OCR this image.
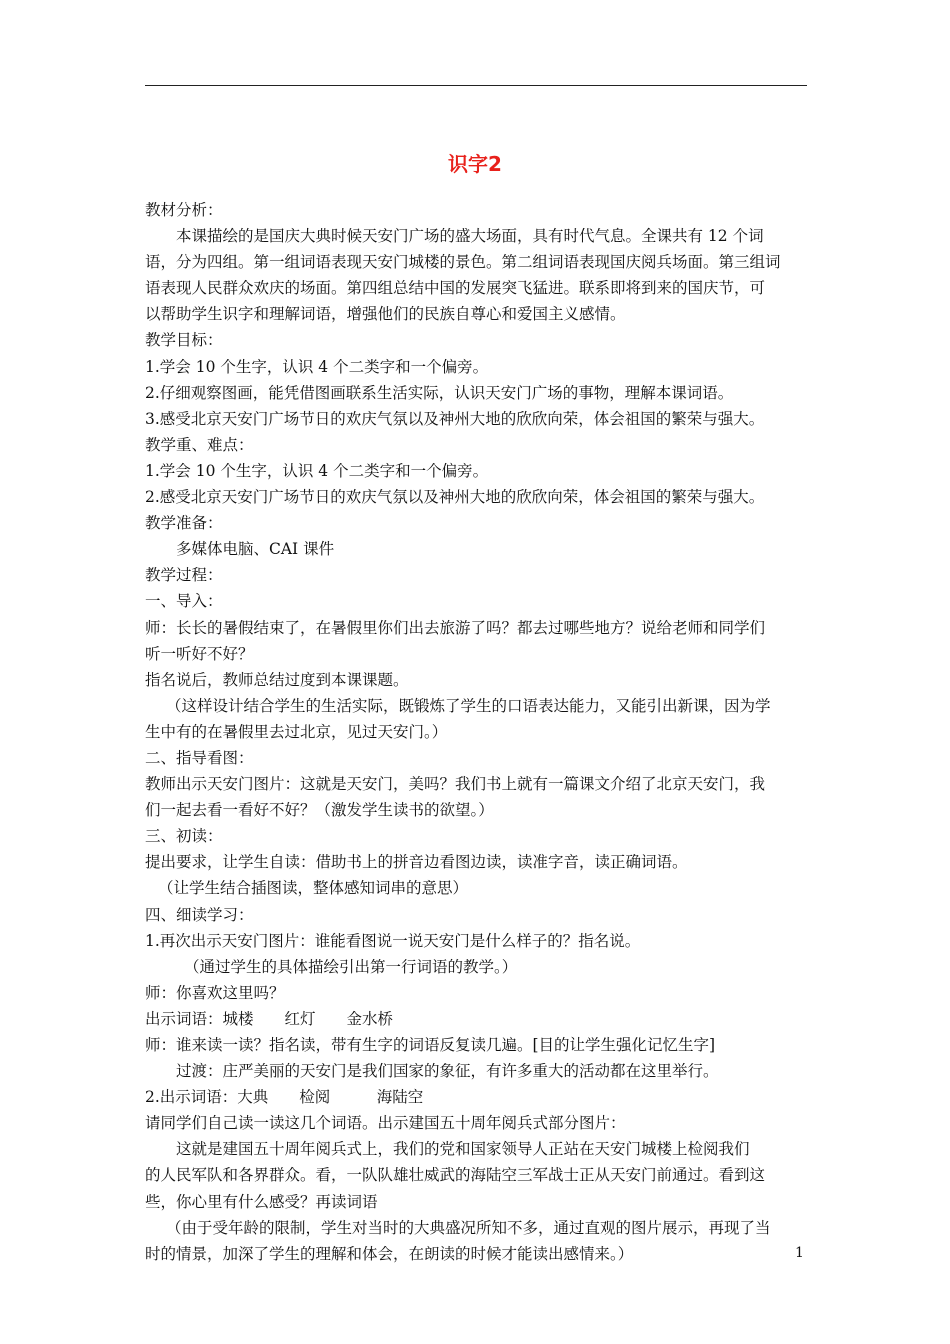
识字2

教材分析：

本课描绘的是国庆大典时候天安门广场的盛大场面，具有时代气息。全课共有 12 个词

语，分为四组。第一组词语表现天安门城楼的景色。第二组词语表现国庆阅兵场面。第三组词

语表现人民群众欢庆的场面。第四组总结中国的发展突飞猛进。联系即将到来的国庆节，可

以帮助学生识字和理解词语，增强他们的民族自尊心和爱国主义感情。

教学目标：

1.学会 10 个生字，认识 4 个二类字和一个偏旁。

2.仔细观察图画，能凭借图画联系生活实际，认识天安门广场的事物，理解本课词语。

3.感受北京天安门广场节日的欢庆气氛以及神州大地的欣欣向荣，体会祖国的繁荣与强大。

教学重、难点：

1.学会 10 个生字，认识 4 个二类字和一个偏旁。

2.感受北京天安门广场节日的欢庆气氛以及神州大地的欣欣向荣，体会祖国的繁荣与强大。

教学准备：

多媒体电脑、CAI 课件

教学过程：

一、导入：

师：长长的暑假结束了，在暑假里你们出去旅游了吗？都去过哪些地方？说给老师和同学们

听一听好不好？

指名说后，教师总结过度到本课课题。

（这样设计结合学生的生活实际，既锻炼了学生的口语表达能力，又能引出新课，因为学

生中有的在暑假里去过北京，见过天安门。）

二、指导看图：

教师出示天安门图片：这就是天安门，美吗？我们书上就有一篇课文介绍了北京天安门，我

们一起去看一看好不好？（激发学生读书的欲望。）

三、初读：

提出要求，让学生自读：借助书上的拼音边看图边读，读准字音，读正确词语。

（让学生结合插图读，整体感知词串的意思）

四、细读学习：

1.再次出示天安门图片：谁能看图说一说天安门是什么样子的？指名说。

（通过学生的具体描绘引出第一行词语的教学。）

师：你喜欢这里吗？

出示词语：城楼　　红灯　　金水桥

师：谁来读一读？指名读，带有生字的词语反复读几遍。[目的让学生强化记忆生字]

过渡：庄严美丽的天安门是我们国家的象征，有许多重大的活动都在这里举行。

2.出示词语：大典　　检阅　　　海陆空

请同学们自己读一读这几个词语。出示建国五十周年阅兵式部分图片：

这就是建国五十周年阅兵式上，我们的党和国家领导人正站在天安门城楼上检阅我们

的人民军队和各界群众。看，一队队雄壮威武的海陆空三军战士正从天安门前通过。看到这

些，你心里有什么感受？再读词语

（由于受年龄的限制，学生对当时的大典盛况所知不多，通过直观的图片展示，再现了当

时的情景，加深了学生的理解和体会，在朗读的时候才能读出感情来。）	1
